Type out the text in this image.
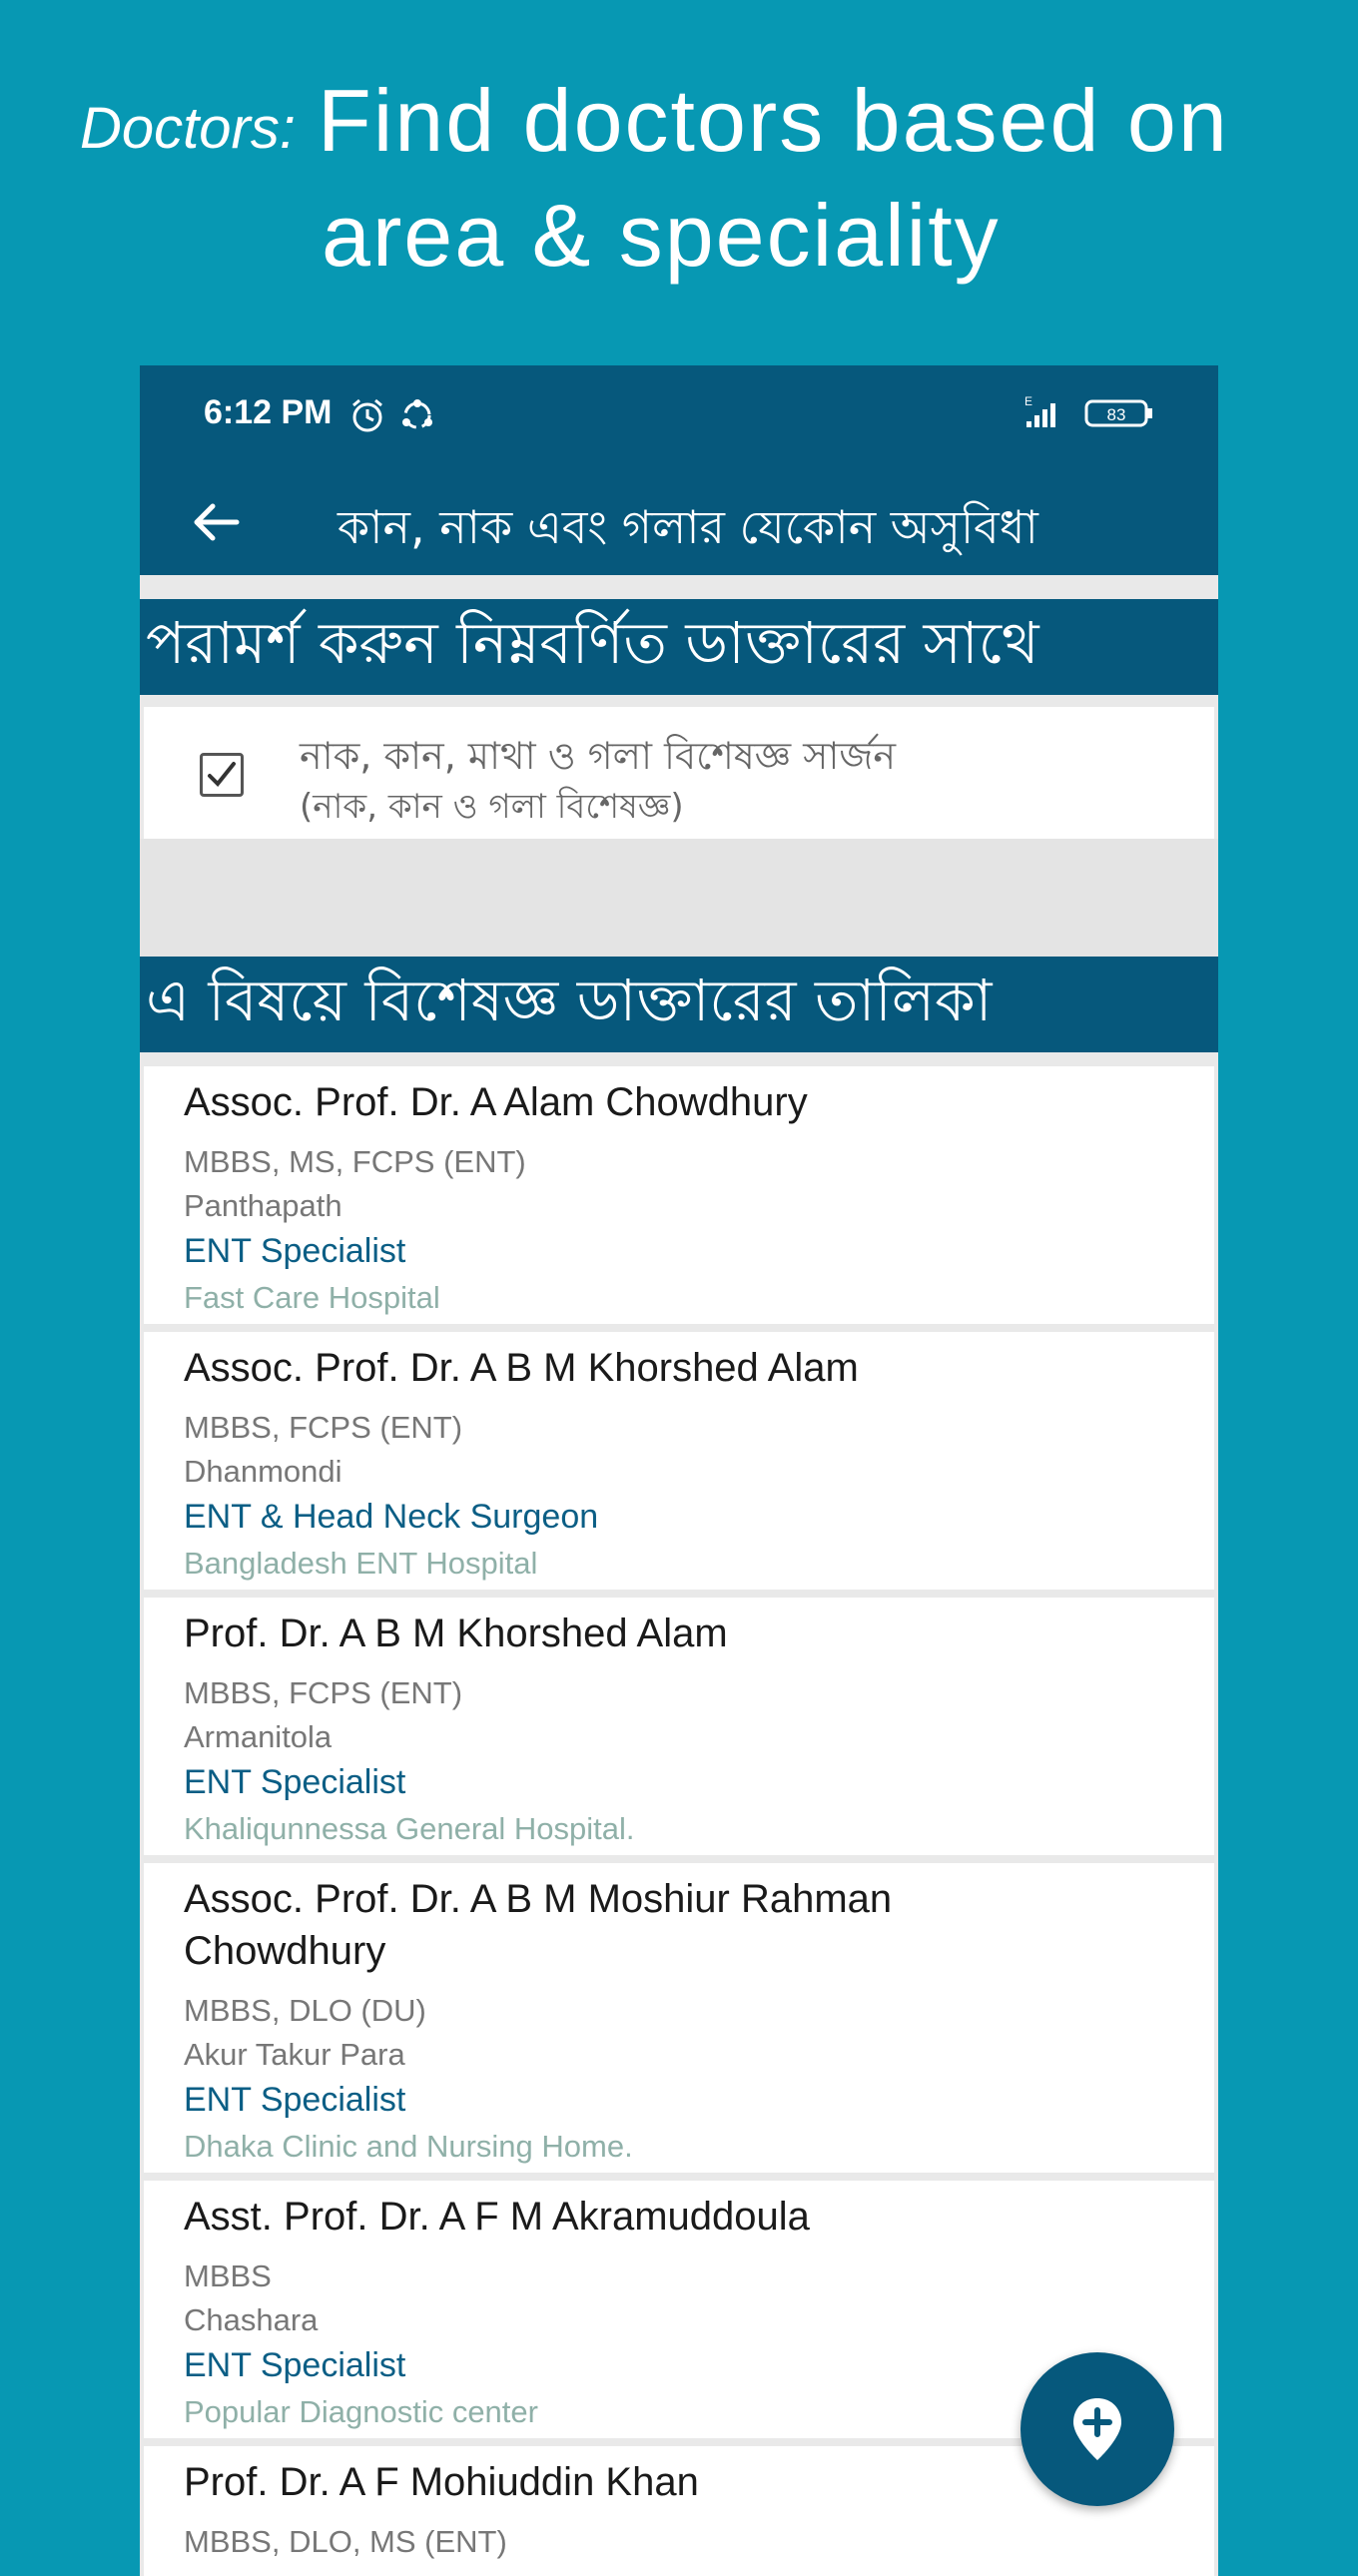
Doctors: Find doctors based on
area & speciality
6:12 PM	E
83
কান, নাক এবং গলার যেকোন অসুবিধা
পরামর্শ করুন নিম্নবর্ণিত ডাক্তারের সাথে
নাক, কান, মাথা ও গলা বিশেষজ্ঞ সার্জন
(নাক, কান ও গলা বিশেষজ্ঞ)
এ বিষয়ে বিশেষজ্ঞ ডাক্তারের তালিকা
Assoc. Prof. Dr. A Alam Chowdhury
MBBS, MS, FCPS (ENT)
Panthapath
ENT Specialist
Fast Care Hospital
Assoc. Prof. Dr. A B M Khorshed Alam
MBBS, FCPS (ENT)
Dhanmondi
ENT & Head Neck Surgeon
Bangladesh ENT Hospital
Prof. Dr. A B M Khorshed Alam
MBBS, FCPS (ENT)
Armanitola
ENT Specialist
Khaliqunnessa General Hospital.
Assoc. Prof. Dr. A B M Moshiur Rahman Chowdhury
MBBS, DLO (DU)
Akur Takur Para
ENT Specialist
Dhaka Clinic and Nursing Home.
Asst. Prof. Dr. A F M Akramuddoula
MBBS
Chashara
ENT Specialist
Popular Diagnostic center
Prof. Dr. A F Mohiuddin Khan
MBBS, DLO, MS (ENT)
